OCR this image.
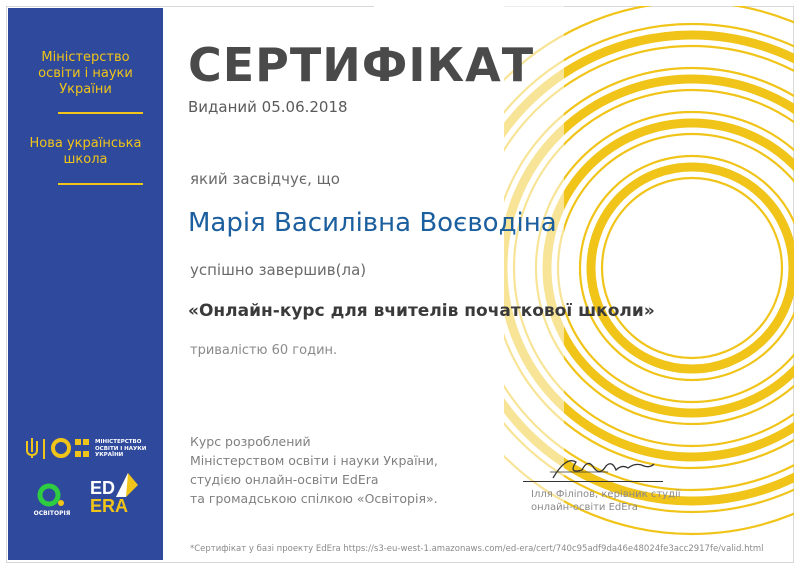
Міністерство
освіти і науки
України
Нова українська
школа
МІНІСТЕРСТВО
ОСВІТИ І НАУКИ
УКРАЇНИ
ОСВІТОРІЯ
ED
ERA
СЕРТИФІКАТ
Виданий 05.06.2018
який засвідчує, що
Марія Василівна Воєводіна
успішно завершив(ла)
«Онлайн-курс для вчителів початкової школи»
тривалістю 60 годин.
Курс розроблений
Міністерством освіти і науки України,
студією онлайн-освіти EdEra
та громадською спілкою «Освіторія».	Ілля Філіпов, керівник студії
онлайн-освіти EdEra
*Сертифікат у базі проекту EdEra https://s3-eu-west-1.amazonaws.com/ed-era/cert/740c95adf9da46e48024fe3acc2917fe/valid.html
